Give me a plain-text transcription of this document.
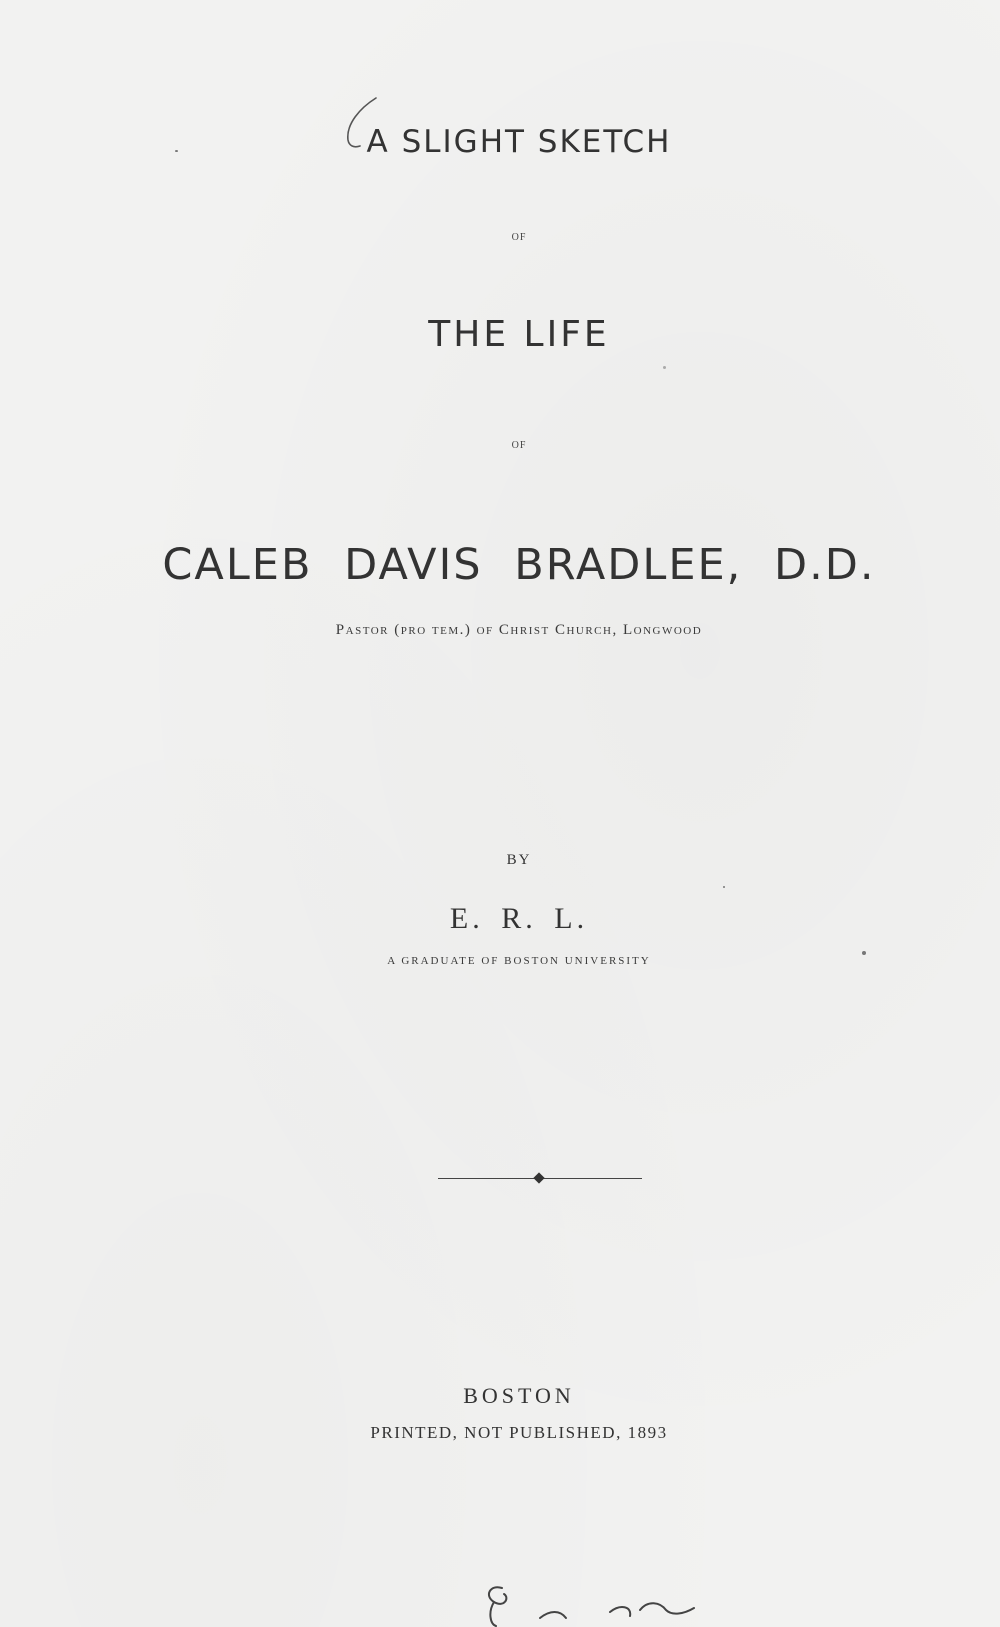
A SLIGHT SKETCH

OF

THE LIFE

OF

CALEB DAVIS BRADLEE, D.D.

Pastor (pro tem.) of Christ Church, Longwood

BY

E. R. L.

A GRADUATE OF BOSTON UNIVERSITY

BOSTON

PRINTED, NOT PUBLISHED, 1893
